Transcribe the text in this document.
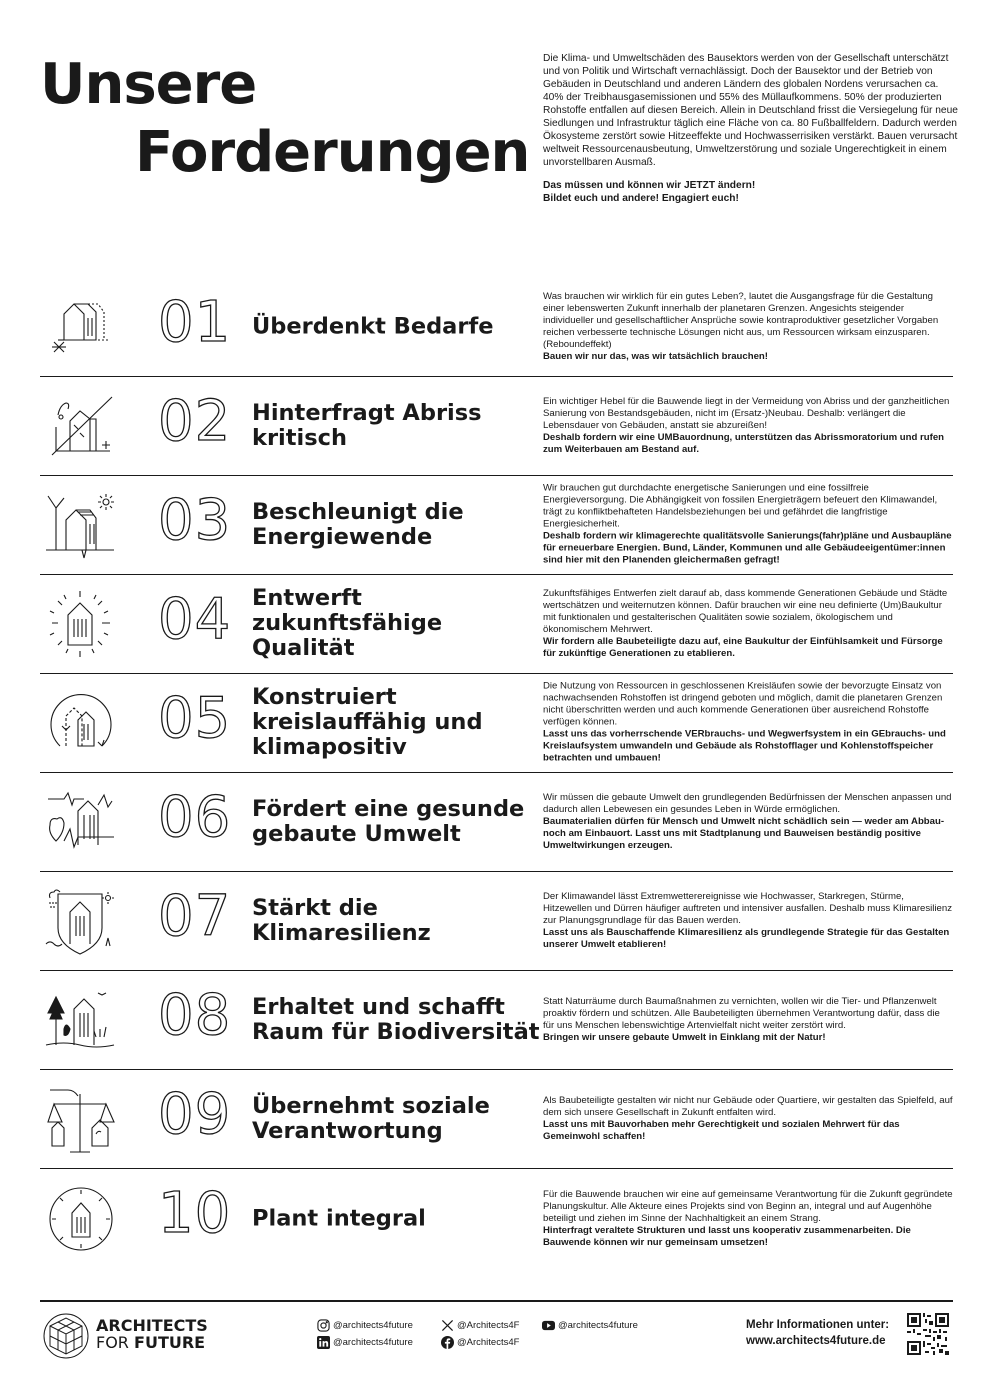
Unsere
Forderungen

Die Klima- und Umweltschäden des Bausektors werden von der Gesellschaft unterschätzt und von Politik und Wirtschaft vernachlässigt. Doch der Bausektor und der Betrieb von Gebäuden in Deutschland und anderen Ländern des globalen Nordens verursachen ca. 40% der Treibhausgasemissionen und 55% des Müllaufkommens. 50% der produzierten Rohstoffe entfallen auf diesen Bereich. Allein in Deutschland frisst die Versiegelung für neue Siedlungen und Infrastruktur täglich eine Fläche von ca. 80 Fußballfeldern. Dadurch werden Ökosysteme zerstört sowie Hitzeeffekte und Hochwasserrisiken verstärkt. Bauen verursacht weltweit Ressourcenausbeutung, Umweltzerstörung und soziale Ungerechtigkeit in einem unvorstellbaren Ausmaß.

Das müssen und können wir JETZT ändern!

Bildet euch und andere! Engagiert euch!

01 Überdenkt Bedarfe
Was brauchen wir wirklich für ein gutes Leben?, lautet die Ausgangsfrage für die Gestaltung einer lebenswerten Zukunft innerhalb der planetaren Grenzen. Angesichts steigender individueller und gesellschaftlicher Ansprüche sowie kontraproduktiver gesetzlicher Vorgaben reichen verbesserte technische Lösungen nicht aus, um Ressourcen wirksam einzusparen. (Reboundeffekt)
Bauen wir nur das, was wir tatsächlich brauchen!
02 Hinterfragt Abriss kritisch
Ein wichtiger Hebel für die Bauwende liegt in der Vermeidung von Abriss und der ganzheitlichen Sanierung von Bestandsgebäuden, nicht im (Ersatz-)Neubau. Deshalb: verlängert die Lebensdauer von Gebäuden, anstatt sie abzureißen!
Deshalb fordern wir eine UMBauordnung, unterstützen das Abrissmoratorium und rufen zum Weiterbauen am Bestand auf.
03 Beschleunigt die Energiewende
Wir brauchen gut durchdachte energetische Sanierungen und eine fossilfreie Energieversorgung. Die Abhängigkeit von fossilen Energieträgern befeuert den Klimawandel, trägt zu konfliktbehafteten Handelsbeziehungen bei und gefährdet die langfristige Energiesicherheit.
Deshalb fordern wir klimagerechte qualitätsvolle Sanierungs(fahr)pläne und Ausbaupläne für erneuerbare Energien. Bund, Länder, Kommunen und alle Gebäudeeigentümer:innen sind hier mit den Planenden gleichermaßen gefragt!
04 Entwerft zukunftsfähige Qualität
Zukunftsfähiges Entwerfen zielt darauf ab, dass kommende Generationen Gebäude und Städte wertschätzen und weiternutzen können. Dafür brauchen wir eine neu definierte (Um)Baukultur mit funktionalen und gestalterischen Qualitäten sowie sozialem, ökologischem und ökonomischem Mehrwert.
Wir fordern alle Baubeteiligte dazu auf, eine Baukultur der Einfühlsamkeit und Fürsorge für zukünftige Generationen zu etablieren.
05 Konstruiert kreislauffähig und klimapositiv
Die Nutzung von Ressourcen in geschlossenen Kreisläufen sowie der bevorzugte Einsatz von nachwachsenden Rohstoffen ist dringend geboten und möglich, damit die planetaren Grenzen nicht überschritten werden und auch kommende Generationen über ausreichend Rohstoffe verfügen können.
Lasst uns das vorherrschende VERbrauchs- und Wegwerfsystem in ein GEbrauchs- und Kreislaufsystem umwandeln und Gebäude als Rohstofflager und Kohlenstoffspeicher betrachten und umbauen!
06 Fördert eine gesunde gebaute Umwelt
Wir müssen die gebaute Umwelt den grundlegenden Bedürfnissen der Menschen anpassen und dadurch allen Lebewesen ein gesundes Leben in Würde ermöglichen.
Baumaterialien dürfen für Mensch und Umwelt nicht schädlich sein — weder am Abbau- noch am Einbauort. Lasst uns mit Stadtplanung und Bauweisen beständig positive Umweltwirkungen erzeugen.
07 Stärkt die Klimaresilienz
Der Klimawandel lässt Extremwetterereignisse wie Hochwasser, Starkregen, Stürme, Hitzewellen und Dürren häufiger auftreten und intensiver ausfallen. Deshalb muss Klimaresilienz zur Planungsgrundlage für das Bauen werden.
Lasst uns als Bauschaffende Klimaresilienz als grundlegende Strategie für das Gestalten unserer Umwelt etablieren!
08 Erhaltet und schafft Raum für Biodiversität
Statt Naturräume durch Baumaßnahmen zu vernichten, wollen wir die Tier- und Pflanzenwelt proaktiv fördern und schützen. Alle Baubeteiligten übernehmen Verantwortung dafür, dass die für uns Menschen lebenswichtige Artenvielfalt nicht weiter zerstört wird.
Bringen wir unsere gebaute Umwelt in Einklang mit der Natur!
09 Übernehmt soziale Verantwortung
Als Baubeteiligte gestalten wir nicht nur Gebäude oder Quartiere, wir gestalten das Spielfeld, auf dem sich unsere Gesellschaft in Zukunft entfalten wird.
Lasst uns mit Bauvorhaben mehr Gerechtigkeit und sozialen Mehrwert für das Gemeinwohl schaffen!
10 Plant integral
Für die Bauwende brauchen wir eine auf gemeinsame Verantwortung für die Zukunft gegründete Planungskultur. Alle Akteure eines Projekts sind von Beginn an, integral und auf Augenhöhe beteiligt und ziehen im Sinne der Nachhaltigkeit an einem Strang.
Hinterfragt veraltete Strukturen und lasst uns kooperativ zusammenarbeiten. Die Bauwende können wir nur gemeinsam umsetzen!
ARCHITECTS
FOR FUTURE
@architects4future
@architects4future
@Architects4F
@Architects4F
@architects4future	Mehr Informationen unter:
www.architects4future.de
